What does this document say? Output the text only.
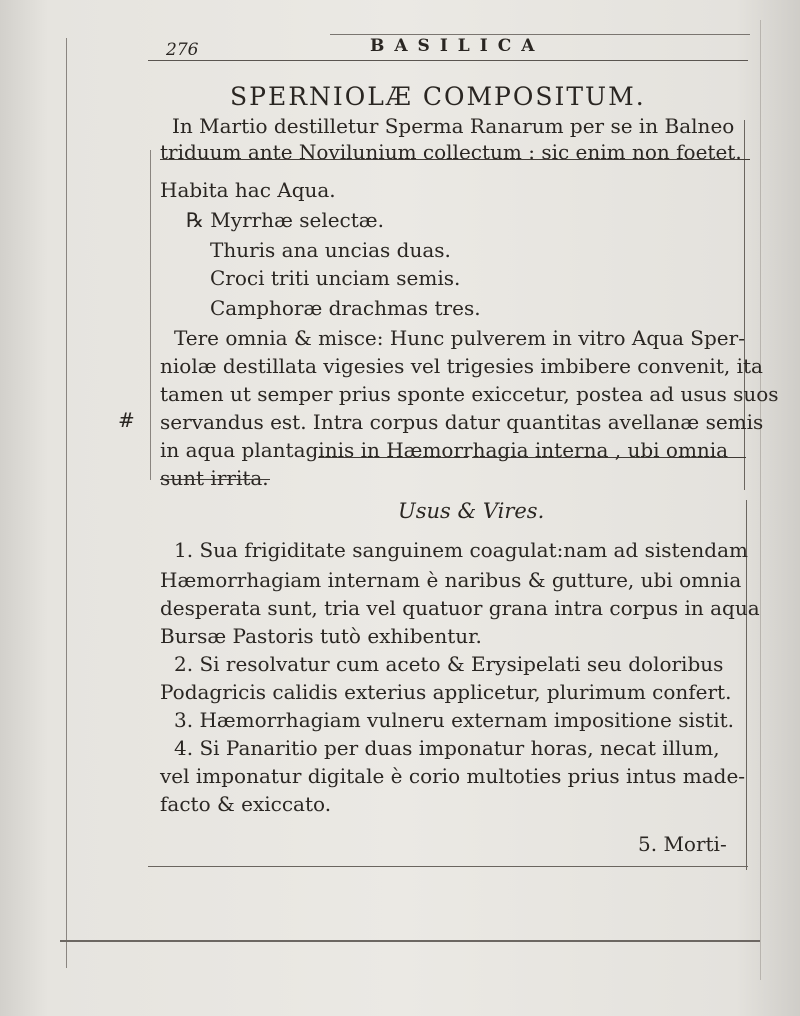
276	BASILICA
SPERNIOLÆ COMPOSITUM.
#
In Martio destilletur Sperma Ranarum per se in Balneo
triduum ante Novilunium collectum : sic enim non foetet.
Habita hac Aqua.
℞ Myrrhæ selectæ.
Thuris ana uncias duas.
Croci triti unciam semis.
Camphoræ drachmas tres.
Tere omnia & misce: Hunc pulverem in vitro Aqua Sper-
niolæ destillata vigesies vel trigesies imbibere convenit, ita
tamen ut semper prius sponte exiccetur, postea ad usus suos
servandus est. Intra corpus datur quantitas avellanæ semis
in aqua plantaginis in Hæmorrhagia interna , ubi omnia
sunt irrita.
Usus & Vires.
1. Sua frigiditate sanguinem coagulat:nam ad sistendam
Hæmorrhagiam internam è naribus & gutture, ubi omnia
desperata sunt, tria vel quatuor grana intra corpus in aqua
Bursæ Pastoris tutò exhibentur.
2. Si resolvatur cum aceto & Erysipelati seu doloribus
Podagricis calidis exterius applicetur, plurimum confert.
3. Hæmorrhagiam vulneru externam impositione sistit.
4. Si Panaritio per duas imponatur horas, necat illum,
vel imponatur digitale è corio multoties prius intus made-
facto & exiccato.
5. Morti-
